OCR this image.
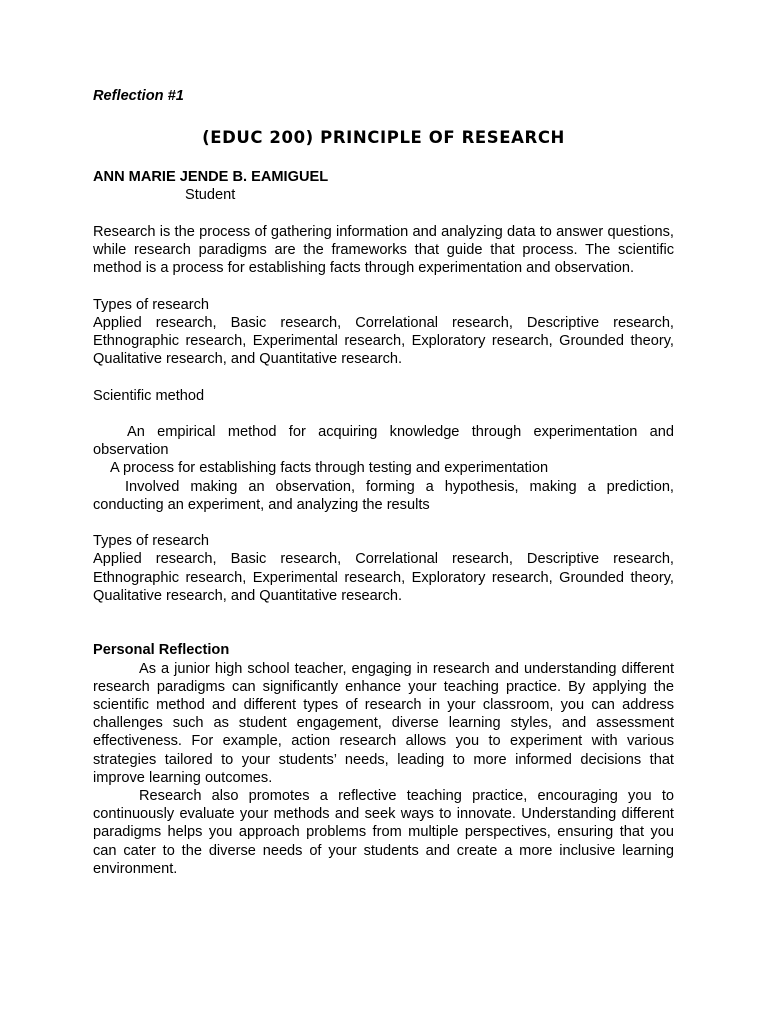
Reflection #1

(EDUC 200) PRINCIPLE OF RESEARCH

ANN MARIE JENDE B. EAMIGUEL

Student

Research is the process of gathering information and analyzing data to answer questions, while research paradigms are the frameworks that guide that process. The scientific method is a process for establishing facts through experimentation and observation.

Types of research

Applied research, Basic research, Correlational research, Descriptive research, Ethnographic research, Experimental research, Exploratory research, Grounded theory, Qualitative research, and Quantitative research.

Scientific method

An empirical method for acquiring knowledge through experimentation and observation

A process for establishing facts through testing and experimentation

Involved making an observation, forming a hypothesis, making a prediction, conducting an experiment, and analyzing the results

Types of research

Applied research, Basic research, Correlational research, Descriptive research, Ethnographic research, Experimental research, Exploratory research, Grounded theory, Qualitative research, and Quantitative research.

Personal Reflection

As a junior high school teacher, engaging in research and understanding different research paradigms can significantly enhance your teaching practice. By applying the scientific method and different types of research in your classroom, you can address challenges such as student engagement, diverse learning styles, and assessment effectiveness. For example, action research allows you to experiment with various strategies tailored to your students’ needs, leading to more informed decisions that improve learning outcomes.

Research also promotes a reflective teaching practice, encouraging you to continuously evaluate your methods and seek ways to innovate. Understanding different paradigms helps you approach problems from multiple perspectives, ensuring that you can cater to the diverse needs of your students and create a more inclusive learning environment.
